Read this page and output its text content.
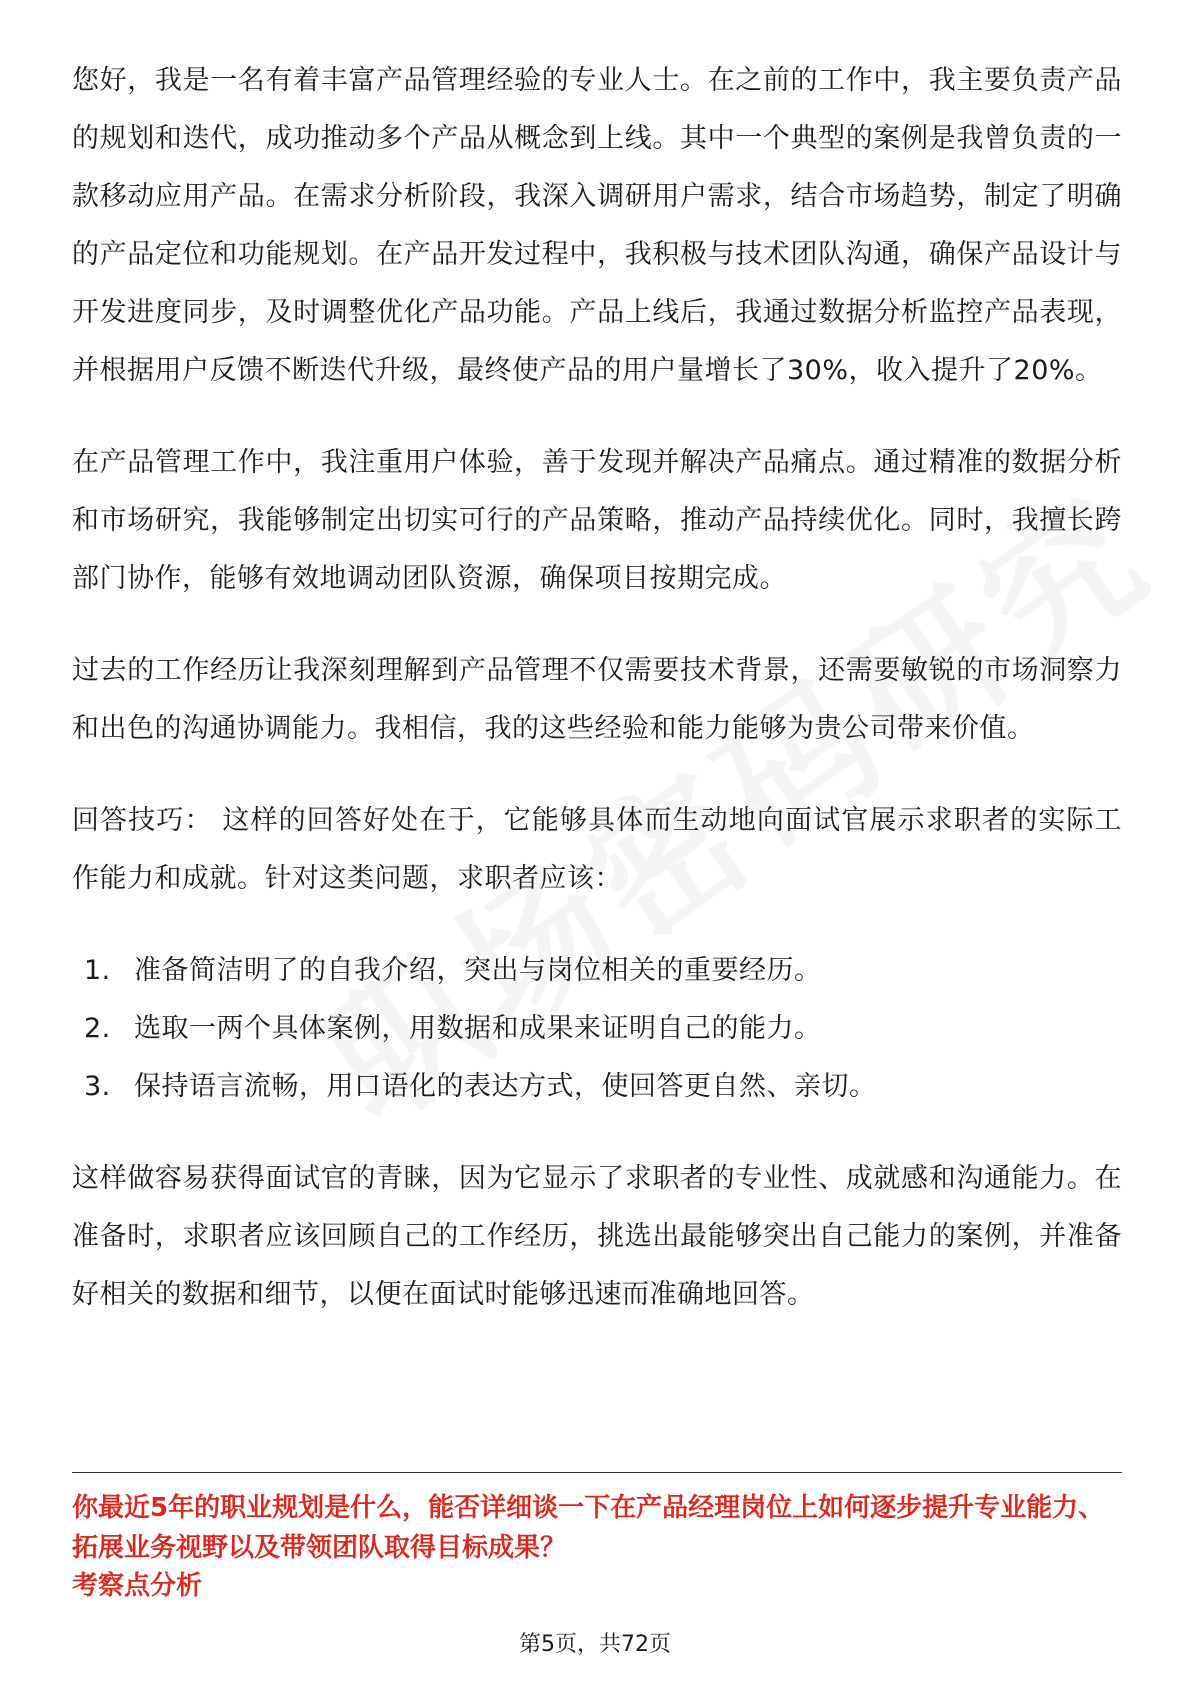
您好，我是一名有着丰富产品管理经验的专业人士。在之前的工作中，我主要负责产品的规划和迭代，成功推动多个产品从概念到上线。其中一个典型的案例是我曾负责的一款移动应用产品。在需求分析阶段，我深入调研用户需求，结合市场趋势，制定了明确的产品定位和功能规划。在产品开发过程中，我积极与技术团队沟通，确保产品设计与开发进度同步，及时调整优化产品功能。产品上线后，我通过数据分析监控产品表现，并根据用户反馈不断迭代升级，最终使产品的用户量增长了30%，收入提升了20%。

在产品管理工作中，我注重用户体验，善于发现并解决产品痛点。通过精准的数据分析和市场研究，我能够制定出切实可行的产品策略，推动产品持续优化。同时，我擅长跨部门协作，能够有效地调动团队资源，确保项目按期完成。

过去的工作经历让我深刻理解到产品管理不仅需要技术背景，还需要敏锐的市场洞察力和出色的沟通协调能力。我相信，我的这些经验和能力能够为贵公司带来价值。

回答技巧： 这样的回答好处在于，它能够具体而生动地向面试官展示求职者的实际工作能力和成就。针对这类问题，求职者应该：

1. 准备简洁明了的自我介绍，突出与岗位相关的重要经历。
2. 选取一两个具体案例，用数据和成果来证明自己的能力。
3. 保持语言流畅，用口语化的表达方式，使回答更自然、亲切。

这样做容易获得面试官的青睐，因为它显示了求职者的专业性、成就感和沟通能力。在准备时，求职者应该回顾自己的工作经历，挑选出最能够突出自己能力的案例，并准备好相关的数据和细节，以便在面试时能够迅速而准确地回答。

你最近5年的职业规划是什么，能否详细谈一下在产品经理岗位上如何逐步提升专业能力、拓展业务视野以及带领团队取得目标成果？

考察点分析

第5页，共72页
